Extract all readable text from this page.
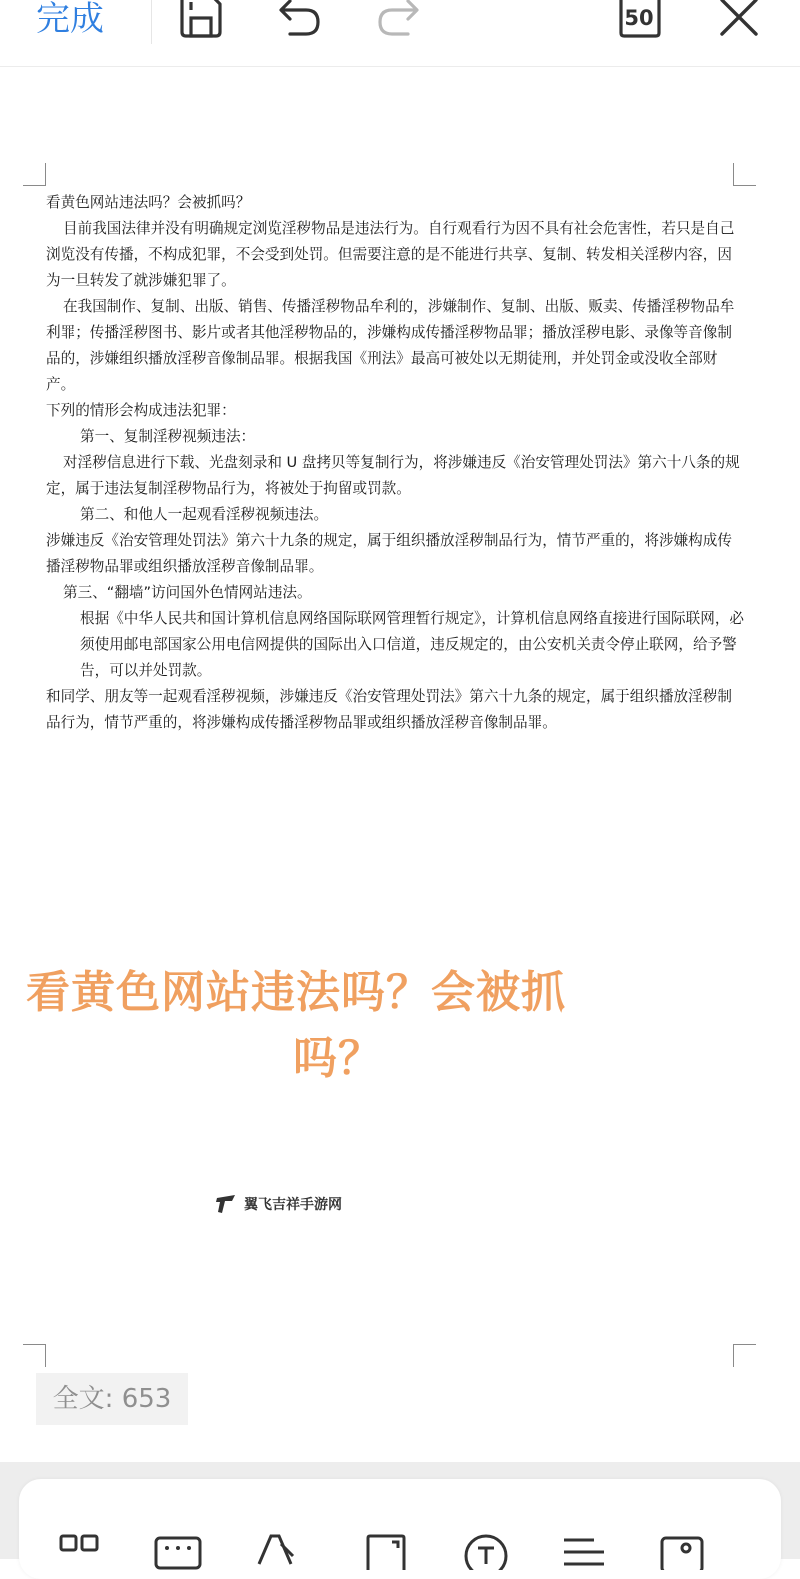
完成	50

看黄色网站违法吗？会被抓吗？

目前我国法律并没有明确规定浏览淫秽物品是违法行为。自行观看行为因不具有社会危害性，若只是自己浏览没有传播，不构成犯罪，不会受到处罚。但需要注意的是不能进行共享、复制、转发相关淫秽内容，因为一旦转发了就涉嫌犯罪了。

在我国制作、复制、出版、销售、传播淫秽物品牟利的，涉嫌制作、复制、出版、贩卖、传播淫秽物品牟利罪；传播淫秽图书、影片或者其他淫秽物品的，涉嫌构成传播淫秽物品罪；播放淫秽电影、录像等音像制品的，涉嫌组织播放淫秽音像制品罪。根据我国《刑法》最高可被处以无期徒刑，并处罚金或没收全部财产。

下列的情形会构成违法犯罪：

第一、复制淫秽视频违法：

对淫秽信息进行下载、光盘刻录和 U 盘拷贝等复制行为，将涉嫌违反《治安管理处罚法》第六十八条的规定，属于违法复制淫秽物品行为，将被处于拘留或罚款。

第二、和他人一起观看淫秽视频违法。

涉嫌违反《治安管理处罚法》第六十九条的规定，属于组织播放淫秽制品行为，情节严重的，将涉嫌构成传播淫秽物品罪或组织播放淫秽音像制品罪。

第三、“翻墙”访问国外色情网站违法。

根据《中华人民共和国计算机信息网络国际联网管理暂行规定》，计算机信息网络直接进行国际联网，必须使用邮电部国家公用电信网提供的国际出入口信道，违反规定的，由公安机关责令停止联网，给予警告，可以并处罚款。

和同学、朋友等一起观看淫秽视频，涉嫌违反《治安管理处罚法》第六十九条的规定，属于组织播放淫秽制品行为，情节严重的，将涉嫌构成传播淫秽物品罪或组织播放淫秽音像制品罪。

看黄色网站违法吗？会被抓
吗？
翼飞吉祥手游网
全文: 653
